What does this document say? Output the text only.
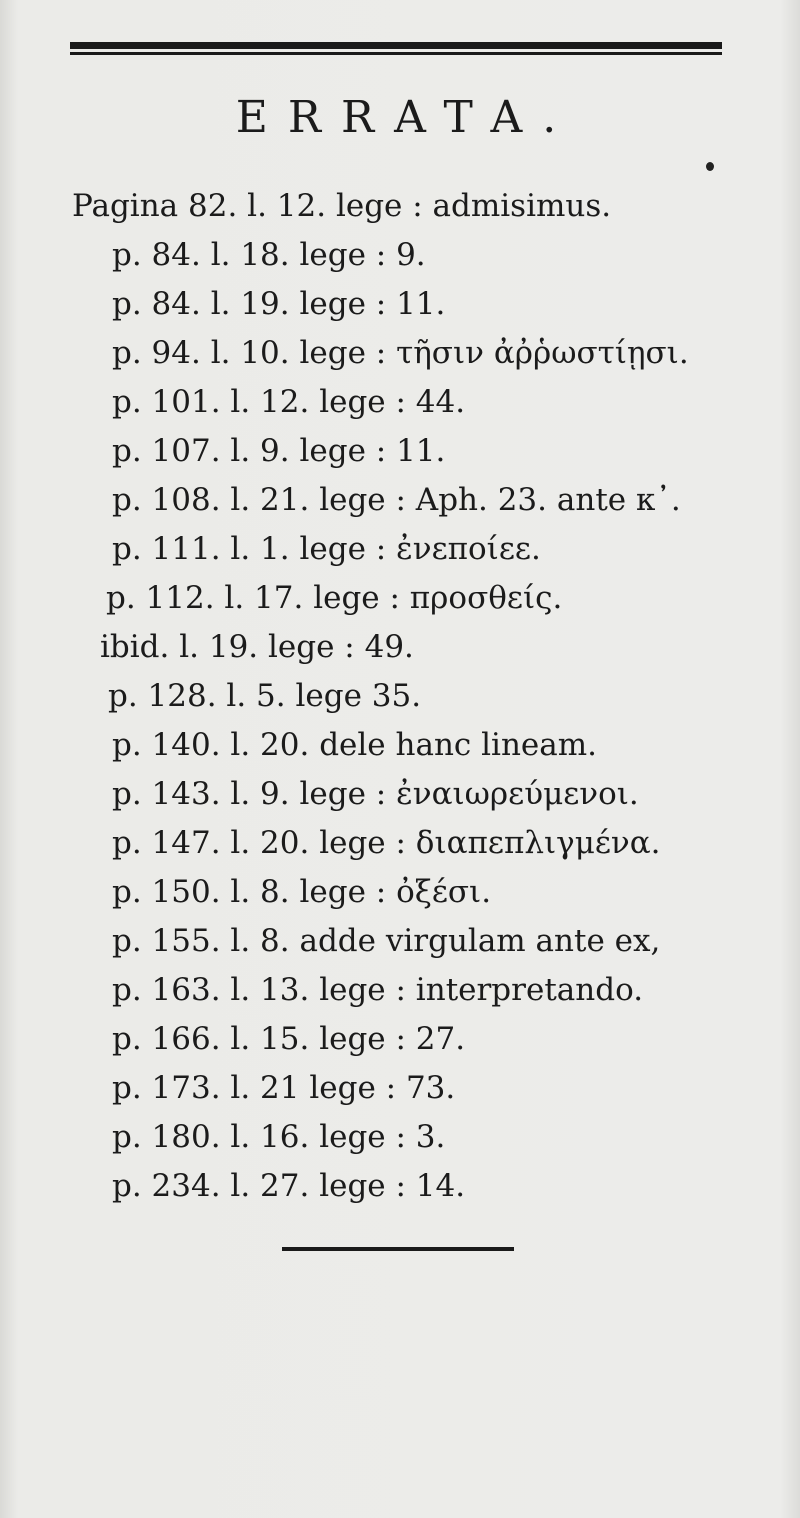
ERRATA.
Pagina 82. l. 12. lege : admisimus.
p. 84. l. 18. lege : 9.
p. 84. l. 19. lege : 11.
p. 94. l. 10. lege : τῆσιν ἀῤῥωστίῃσι.
p. 101. l. 12. lege : 44.
p. 107. l. 9. lege : 11.
p. 108. l. 21. lege : Aph. 23. ante κ᾽.
p. 111. l. 1. lege : ἐνεποίεε.
p. 112. l. 17. lege : προσθείς.
ibid. l. 19. lege : 49.
p. 128. l. 5. lege 35.
p. 140. l. 20. dele hanc lineam.
p. 143. l. 9. lege : ἐναιωρεύμενοι.
p. 147. l. 20. lege : διαπεπλιγμένα.
p. 150. l. 8. lege : ὀξέσι.
p. 155. l. 8. adde virgulam ante ex,
p. 163. l. 13. lege : interpretando.
p. 166. l. 15. lege : 27.
p. 173. l. 21 lege : 73.
p. 180. l. 16. lege : 3.
p. 234. l. 27. lege : 14.
